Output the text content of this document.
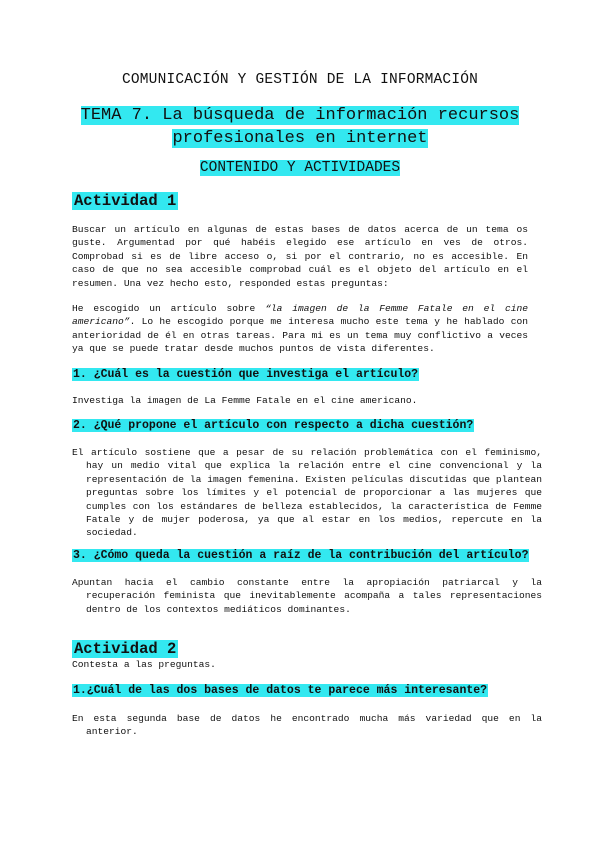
COMUNICACIÓN Y GESTIÓN DE LA INFORMACIÓN
TEMA 7. La búsqueda de información recursos
profesionales en internet
CONTENIDO Y ACTIVIDADES
Actividad 1
Buscar un artículo en algunas de estas bases de datos acerca de un tema os guste. Argumentad por qué habéis elegido ese artículo en ves de otros. Comprobad si es de libre acceso o, si por el contrario, no es accesible. En caso de que no sea accesible comprobad cuál es el objeto del artículo en el resumen. Una vez hecho esto, responded estas preguntas:
He escogido un artículo sobre “la imagen de la Femme Fatale en el cine americano”. Lo he escogido porque me interesa mucho este tema y he hablado con anterioridad de él en otras tareas. Para mi es un tema muy conflictivo a veces ya que se puede tratar desde muchos puntos de vista diferentes.
1. ¿Cuál es la cuestión que investiga el artículo?
Investiga la imagen de La Femme Fatale en el cine americano.
2. ¿Qué propone el artículo con respecto a dicha cuestión?
El artículo sostiene que a pesar de su relación problemática con el feminismo, hay un medio vital que explica la relación entre el cine convencional y la representación de la imagen femenina. Existen películas discutidas que plantean preguntas sobre los límites y el potencial de proporcionar a las mujeres que cumples con los estándares de belleza establecidos, la característica de Femme Fatale y de mujer poderosa, ya que al estar en los medios, repercute en la sociedad.
3. ¿Cómo queda la cuestión a raíz de la contribución del artículo?
Apuntan hacia el cambio constante entre la apropiación patriarcal y la recuperación feminista que inevitablemente acompaña a tales representaciones dentro de los contextos mediáticos dominantes.
Actividad 2
Contesta a las preguntas.
1.¿Cuál de las dos bases de datos te parece más interesante?
En esta segunda base de datos he encontrado mucha más variedad que en la anterior.
